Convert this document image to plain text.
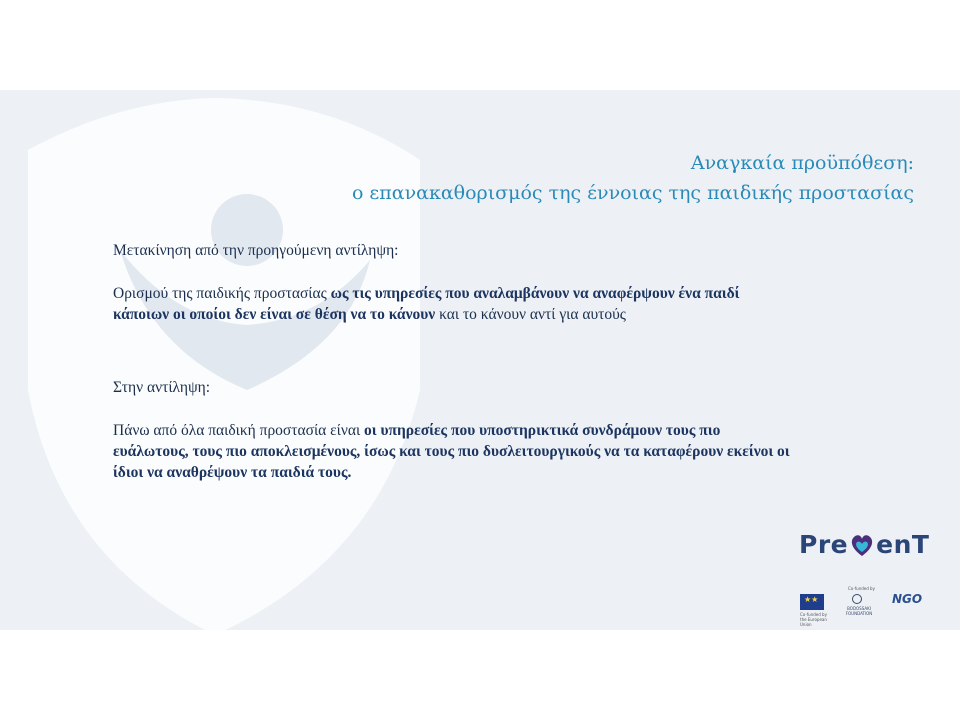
Αναγκαία προϋπόθεση:
ο επανακαθορισμός της έννοιας της παιδικής προστασίας

Μετακίνηση από την προηγούμενη αντίληψη:

Ορισμού της παιδικής προστασίας ως τις υπηρεσίες που αναλαμβάνουν να αναφέρψουν ένα παιδί κάποιων οι οποίοι δεν είναι σε θέση να το κάνουν και το κάνουν αντί για αυτούς

Στην αντίληψη:

Πάνω από όλα παιδική προστασία είναι οι υπηρεσίες που υποστηρικτικά συνδράμουν τους πιο ευάλωτους, τους πιο αποκλεισμένους, ίσως και τους πιο δυσλειτουργικούς να τα καταφέρουν εκείνοι οι ίδιοι να αναθρέψουν τα παιδιά τους.

Pre enT
★★
Co-funded by the European Union
Co-funded by
BODOSSAKI FOUNDATION
NGO
